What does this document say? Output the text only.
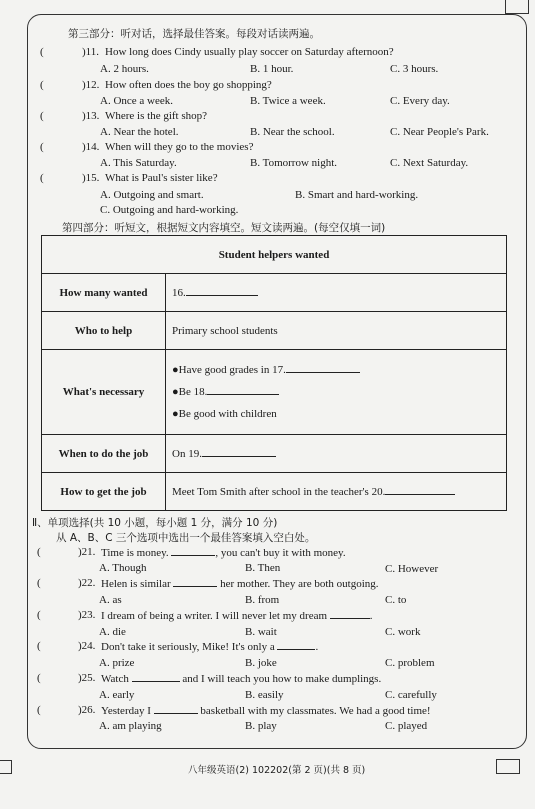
第三部分：听对话，选择最佳答案。每段对话读两遍。
(	)11. How long does Cindy usually play soccer on Saturday afternoon?
A. 2 hours.	B. 1 hour.	C. 3 hours.
(	)12. How often does the boy go shopping?
A. Once a week.	B. Twice a week.	C. Every day.
(	)13. Where is the gift shop?
A. Near the hotel.	B. Near the school.	C. Near People's Park.
(	)14. When will they go to the movies?
A. This Saturday.	B. Tomorrow night.	C. Next Saturday.
(	)15. What is Paul's sister like?
A. Outgoing and smart.	B. Smart and hard-working.
C. Outgoing and hard-working.
第四部分：听短文，根据短文内容填空。短文读两遍。(每空仅填一词)
Student helpers wanted	
How many wanted	16.
Who to help	Primary school students
What's necessary	●Have good grades in 17.
●Be 18.
●Be good with children

When to do the job	On 19.
How to get the job	Meet Tom Smith after school in the teacher's 20.
Ⅱ、单项选择(共 10 小题，每小题 1 分，满分 10 分)
从 A、B、C 三个选项中选出一个最佳答案填入空白处。
(	)21. Time is money.	, you can't buy it with money.
A. Though	B. Then	C. However
(	)22. Helen is similar	her mother. They are both outgoing.
A. as	B. from	C. to
(	)23. I dream of being a writer. I will never let my dream	.
A. die	B. wait	C. work
(	)24. Don't take it seriously, Mike! It's only a	.
A. prize	B. joke	C. problem
(	)25. Watch	and I will teach you how to make dumplings.
A. early	B. easily	C. carefully
(	)26. Yesterday I	basketball with my classmates. We had a good time!
A. am playing	B. play	C. played
八年级英语(2) 102202(第 2 页)(共 8 页)
